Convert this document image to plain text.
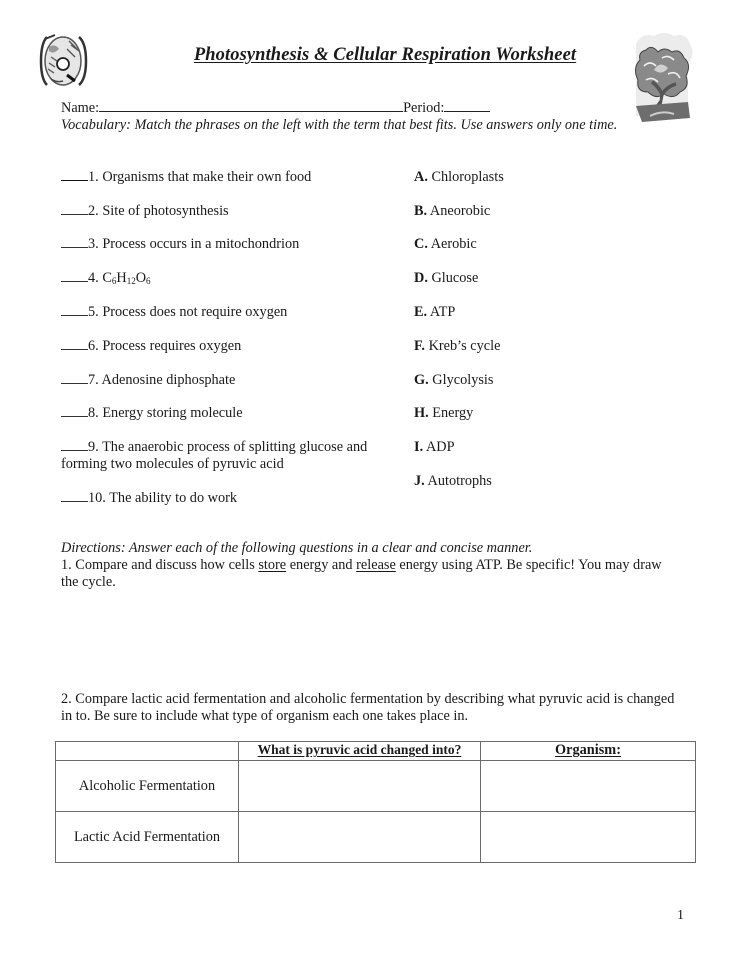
Photosynthesis & Cellular Respiration Worksheet
Name:	Period:
Vocabulary: Match the phrases on the left with the term that best fits. Use answers only one time.
1. Organisms that make their own food
2. Site of photosynthesis
3. Process occurs in a mitochondrion
4. $C_6H_{12}O_6$
5. Process does not require oxygen
6. Process requires oxygen
7. Adenosine diphosphate
8. Energy storing molecule
9. The anaerobic process of splitting glucose and forming two molecules of pyruvic acid
10. The ability to do work
A. Chloroplasts
B. Aneorobic
C. Aerobic
D. Glucose
E. ATP
F. Kreb’s cycle
G. Glycolysis
H. Energy
I. ADP
J. Autotrophs
Directions: Answer each of the following questions in a clear and concise manner.
1. Compare and discuss how cells store energy and release energy using ATP. Be specific! You may draw the cycle.
2. Compare lactic acid fermentation and alcoholic fermentation by describing what pyruvic acid is changed in to. Be sure to include what type of organism each one takes place in.
	What is pyruvic acid changed into?	Organism:
Alcoholic Fermentation		
Lactic Acid Fermentation		
1
